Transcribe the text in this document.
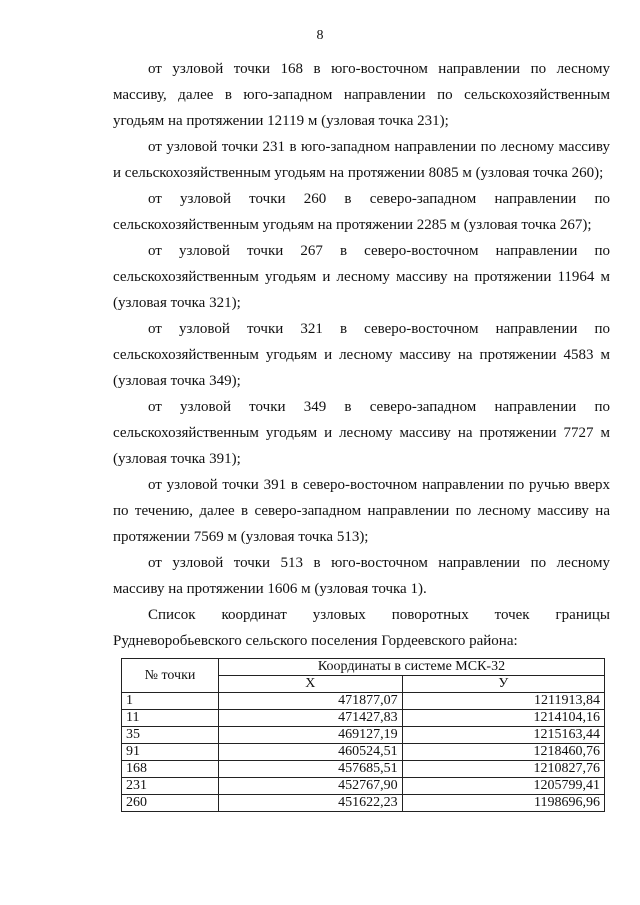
8

от узловой точки 168 в юго-восточном направлении по лесному массиву, далее в юго-западном направлении по сельскохозяйственным угодьям на протяжении 12119 м (узловая точка 231);

от узловой точки 231 в юго-западном направлении по лесному массиву и сельскохозяйственным угодьям на протяжении 8085 м (узловая точка 260);

от узловой точки 260 в северо-западном направлении по сельскохозяйственным угодьям на протяжении 2285 м (узловая точка 267);

от узловой точки 267 в северо-восточном направлении по сельскохозяйственным угодьям и лесному массиву на протяжении 11964 м (узловая точка 321);

от узловой точки 321 в северо-восточном направлении по сельскохозяйственным угодьям и лесному массиву на протяжении 4583 м (узловая точка 349);

от узловой точки 349 в северо-западном направлении по сельскохозяйственным угодьям и лесному массиву на протяжении 7727 м (узловая точка 391);

от узловой точки 391 в северо-восточном направлении по ручью вверх по течению, далее в северо-западном направлении по лесному массиву на протяжении 7569 м (узловая точка 513);

от узловой точки 513 в юго-восточном направлении по лесному массиву на протяжении 1606 м (узловая точка 1).

Список координат узловых поворотных точек границы Рудневоробьевского сельского поселения Гордеевского района:

№ точки	Координаты в системе МСК-32	
	Х	У
1	471877,07	1211913,84
11	471427,83	1214104,16
35	469127,19	1215163,44
91	460524,51	1218460,76
168	457685,51	1210827,76
231	452767,90	1205799,41
260	451622,23	1198696,96
